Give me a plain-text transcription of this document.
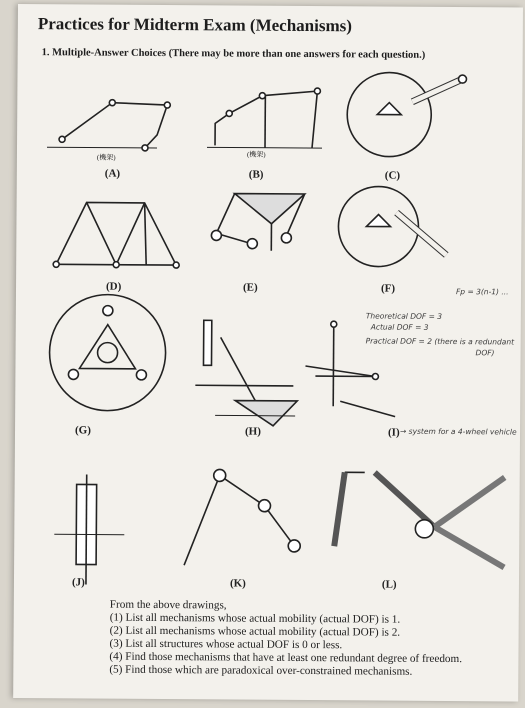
Practices for Midterm Exam (Mechanisms)
1. Multiple-Answer Choices (There may be more than one answers for each question.)
(A)	(B)	(C)
(D)	(E)	(F)
(G)	(H)	(I)
(J)	(K)	(L)
(機架)	(機架)
Fp = 3(n-1) ...
Theoretical DOF = 3
Actual DOF = 3
Practical DOF = 2 (there is a redundant
DOF)
→ system for a 4-wheel vehicle
From the above drawings,
(1) List all mechanisms whose actual mobility (actual DOF) is 1.
(2) List all mechanisms whose actual mobility (actual DOF) is 2.
(3) List all structures whose actual DOF is 0 or less.
(4) Find those mechanisms that have at least one redundant degree of freedom.
(5) Find those which are paradoxical over-constrained mechanisms.
